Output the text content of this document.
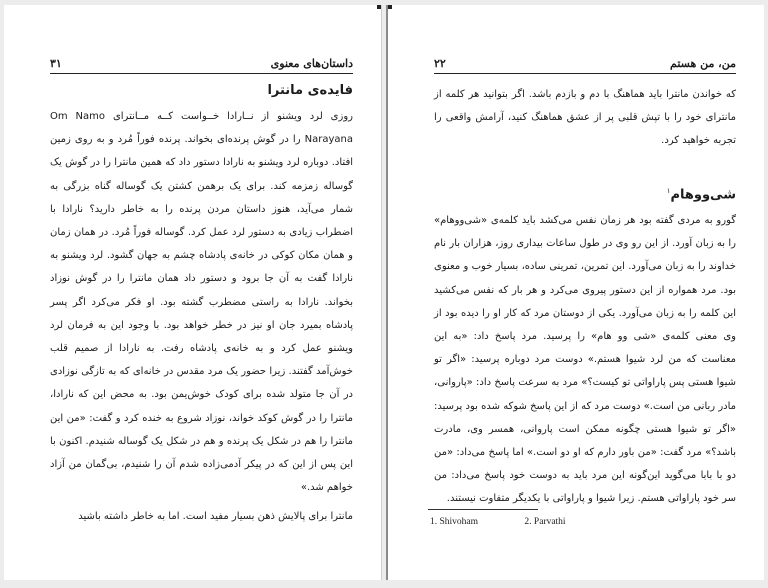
داستان‌های معنوی
۳۱
فایده‌ی مانترا

روزی لرد ویشنو از نــارادا خــواست کــه مــانترای Om Namo Narayana را در گوش پرنده‌ای بخواند. پرنده فوراً مُرد و به روی زمین افتاد. دوباره لرد ویشنو به نارادا دستور داد که همین مانترا را در گوش یک گوساله زمزمه کند. برای یک برهمن کشتن یک گوساله گناه بزرگی به شمار می‌آید، هنوز داستان مردن پرنده را به خاطر دارید؟ نارادا با اضطراب زیادی به دستور لرد عمل کرد. گوساله فوراً مُرد. در همان زمان و همان مکان کوکی در خانه‌ی پادشاه چشم به جهان گشود. لرد ویشنو به نارادا گفت به آن جا برود و دستور داد همان مانترا را در گوش نوزاد بخواند. نارادا به راستی مضطرب گشته بود. او فکر می‌کرد اگر پسر پادشاه بمیرد جان او نیز در خطر خواهد بود. با وجود این به فرمان لرد ویشنو عمل کرد و به خانه‌ی پادشاه رفت. به نارادا از صمیم قلب خوش‌آمد گفتند. زیرا حضور یک مرد مقدس در خانه‌ای که به تازگی نوزادی در آن جا متولد شده برای کودک خوش‌یمن بود. به محض این که نارادا، مانترا را در گوش کوکد خواند، نوزاد شروع به خنده کرد و گفت: «من این مانترا را هم در شکل یک پرنده و هم در شکل یک گوساله شنیدم. اکنون با این پس از این که در پیکر آدمی‌زاده شدم آن را شنیدم، بی‌گمان من آزاد خواهم شد.»

مانترا برای پالایش ذهن بسیار مفید است. اما به خاطر داشته باشید

من، من هستم
۲۲

که خواندن مانترا باید هماهنگ با دم و بازدم باشد. اگر بتوانید هر کلمه از مانترای خود را با تپش قلبی پر از عشق هماهنگ کنید، آرامش واقعی را تجربه خواهید کرد.

شی‌ووهام$^۱$

گورو به مردی گفته بود هر زمان نفس می‌کشد باید کلمه‌ی «شی‌ووهام» را به زبان آورد. از این رو وی در طول ساعات بیداری روز، هزاران بار نام خداوند را به زبان می‌آورد. این تمرین، تمرینی ساده، بسیار خوب و معنوی بود. مرد همواره از این دستور پیروی می‌کرد و هر بار که نفس می‌کشید این کلمه را به زبان می‌آورد. یکی از دوستان مرد که کار او را دیده بود از وی معنی کلمه‌ی «شی وو هام» را پرسید. مرد پاسخ داد: «به این معناست که من لرد شیوا هستم.» دوست مرد دوباره پرسید: «اگر تو شیوا هستی پس پاراواتی تو کیست؟» مرد به سرعت پاسخ داد: «پاروانی، مادر ربانی من است.» دوست مرد که از این پاسخ شوکه شده بود پرسید: «اگر تو شیوا هستی چگونه ممکن است پاروانی، همسر وی، مادرت باشد؟» مرد گفت: «من باور دارم که او دو است.» اما پاسخ می‌داد: «من دو با بابا می‌گوید این‌گونه این مرد باید به دوست خود پاسخ می‌داد: من سر خود پاراواتی هستم. زیرا شیوا و پاراواتی با یکدیگر متفاوت نیستند.

1. Shivoham	2. Parvathi
